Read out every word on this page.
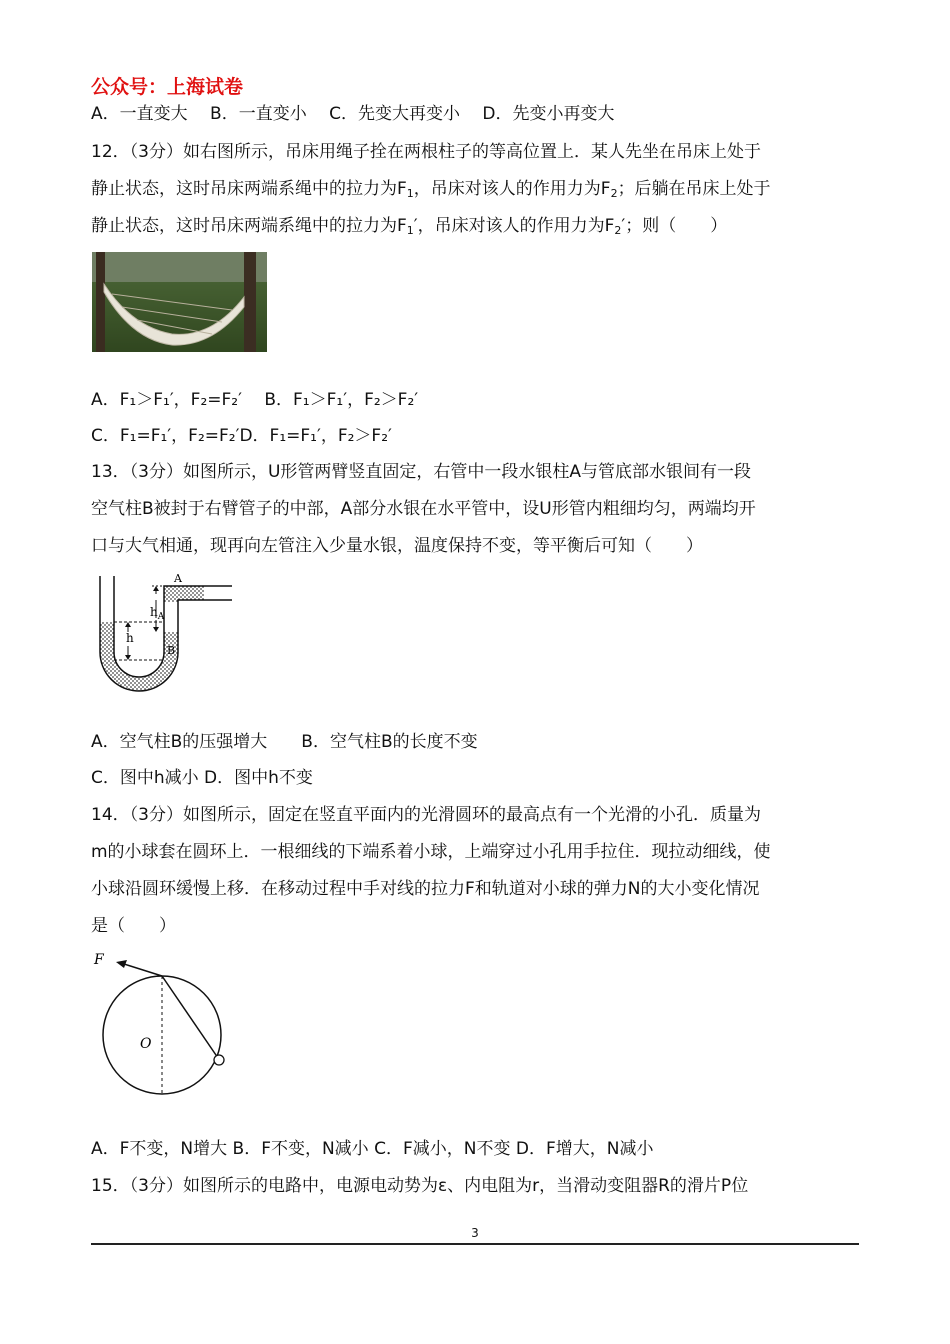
公众号：上海试卷
A．一直变大　 B．一直变小　 C．先变大再变小　 D．先变小再变大
12．（3分）如右图所示，吊床用绳子拴在两根柱子的等高位置上．某人先坐在吊床上处于
静止状态，这时吊床两端系绳中的拉力为$F_1$，吊床对该人的作用力为$F_2$；后躺在吊床上处于
静止状态，这时吊床两端系绳中的拉力为$F_1'$，吊床对该人的作用力为$F_2'$；则（　　）
A．F₁＞F₁′，F₂=F₂′　 B．F₁＞F₁′，F₂＞F₂′
C．F₁=F₁′，F₂=F₂′D．F₁=F₁′，F₂＞F₂′
13．（3分）如图所示，U形管两臂竖直固定，右管中一段水银柱A与管底部水银间有一段
空气柱B被封于右臂管子的中部，A部分水银在水平管中，设U形管内粗细均匀，两端均开
口与大气相通，现再向左管注入少量水银，温度保持不变，等平衡后可知（　　）
A
$h_A$
h
B
A．空气柱B的压强增大　　B．空气柱B的长度不变
C．图中h减小 D．图中h不变
14．（3分）如图所示，固定在竖直平面内的光滑圆环的最高点有一个光滑的小孔．质量为
m的小球套在圆环上．一根细线的下端系着小球，上端穿过小孔用手拉住．现拉动细线，使
小球沿圆环缓慢上移．在移动过程中手对线的拉力F和轨道对小球的弹力N的大小变化情况
是（　　）
F
O
A．F不变，N增大 B．F不变，N减小 C．F减小，N不变 D．F增大，N减小
15．（3分）如图所示的电路中，电源电动势为ε、内电阻为r，当滑动变阻器R的滑片P位
3
